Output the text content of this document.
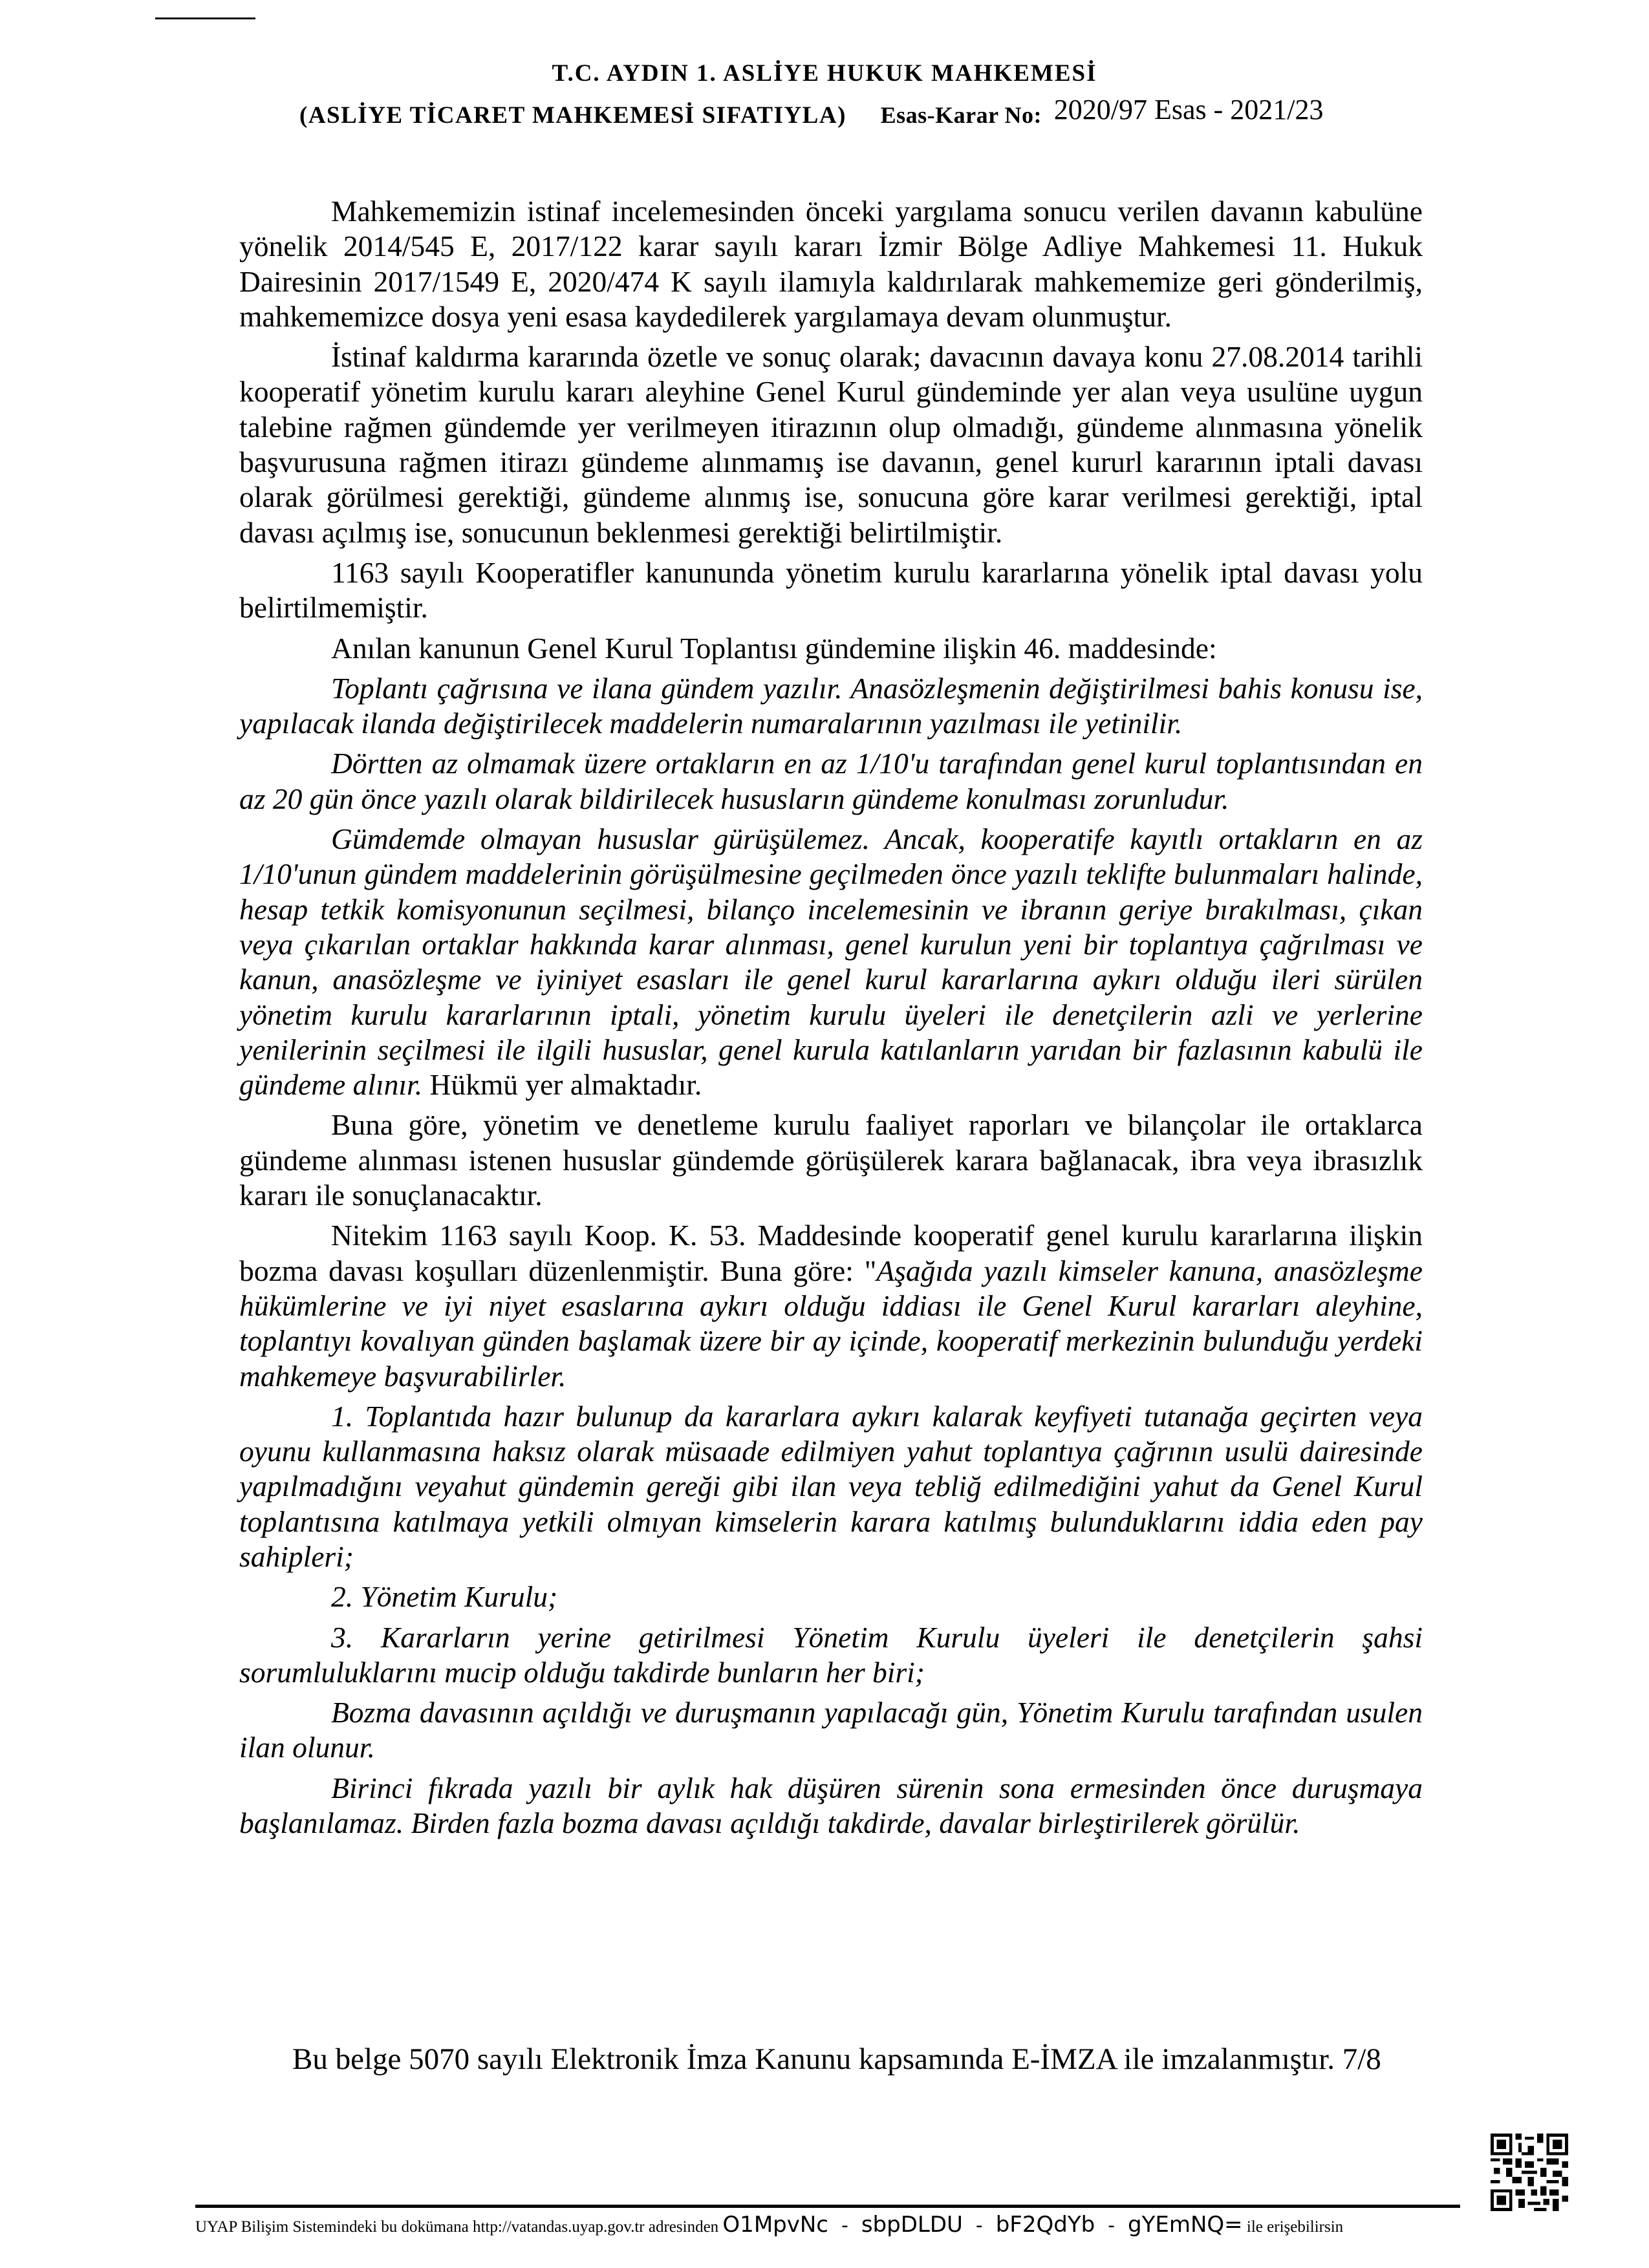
T.C. AYDIN 1. ASLİYE HUKUK MAHKEMESİ
(ASLİYE TİCARET MAHKEMESİ SIFATIYLA) Esas-Karar No: 2020/97 Esas - 2021/23

Mahkememizin istinaf incelemesinden önceki yargılama sonucu verilen davanın kabulüne yönelik 2014/545 E, 2017/122 karar sayılı kararı İzmir Bölge Adliye Mahkemesi 11. Hukuk Dairesinin 2017/1549 E, 2020/474 K sayılı ilamıyla kaldırılarak mahkememize geri gönderilmiş, mahkememizce dosya yeni esasa kaydedilerek yargılamaya devam olunmuştur.

İstinaf kaldırma kararında özetle ve sonuç olarak; davacının davaya konu 27.08.2014 tarihli kooperatif yönetim kurulu kararı aleyhine Genel Kurul gündeminde yer alan veya usulüne uygun talebine rağmen gündemde yer verilmeyen itirazının olup olmadığı, gündeme alınmasına yönelik başvurusuna rağmen itirazı gündeme alınmamış ise davanın, genel kururl kararının iptali davası olarak görülmesi gerektiği, gündeme alınmış ise, sonucuna göre karar verilmesi gerektiği, iptal davası açılmış ise, sonucunun beklenmesi gerektiği belirtilmiştir.

1163 sayılı Kooperatifler kanununda yönetim kurulu kararlarına yönelik iptal davası yolu belirtilmemiştir.

Anılan kanunun Genel Kurul Toplantısı gündemine ilişkin 46. maddesinde:

Toplantı çağrısına ve ilana gündem yazılır. Anasözleşmenin değiştirilmesi bahis konusu ise, yapılacak ilanda değiştirilecek maddelerin numaralarının yazılması ile yetinilir.

Dörtten az olmamak üzere ortakların en az 1/10'u tarafından genel kurul toplantısından en az 20 gün önce yazılı olarak bildirilecek hususların gündeme konulması zorunludur.

Gümdemde olmayan hususlar gürüşülemez. Ancak, kooperatife kayıtlı ortakların en az 1/10'unun gündem maddelerinin görüşülmesine geçilmeden önce yazılı teklifte bulunmaları halinde, hesap tetkik komisyonunun seçilmesi, bilanço incelemesinin ve ibranın geriye bırakılması, çıkan veya çıkarılan ortaklar hakkında karar alınması, genel kurulun yeni bir toplantıya çağrılması ve kanun, anasözleşme ve iyiniyet esasları ile genel kurul kararlarına aykırı olduğu ileri sürülen yönetim kurulu kararlarının iptali, yönetim kurulu üyeleri ile denetçilerin azli ve yerlerine yenilerinin seçilmesi ile ilgili hususlar, genel kurula katılanların yarıdan bir fazlasının kabulü ile gündeme alınır. Hükmü yer almaktadır.

Buna göre, yönetim ve denetleme kurulu faaliyet raporları ve bilançolar ile ortaklarca gündeme alınması istenen hususlar gündemde görüşülerek karara bağlanacak, ibra veya ibrasızlık kararı ile sonuçlanacaktır.

Nitekim 1163 sayılı Koop. K. 53. Maddesinde kooperatif genel kurulu kararlarına ilişkin bozma davası koşulları düzenlenmiştir. Buna göre: "Aşağıda yazılı kimseler kanuna, anasözleşme hükümlerine ve iyi niyet esaslarına aykırı olduğu iddiası ile Genel Kurul kararları aleyhine, toplantıyı kovalıyan günden başlamak üzere bir ay içinde, kooperatif merkezinin bulunduğu yerdeki mahkemeye başvurabilirler.

1. Toplantıda hazır bulunup da kararlara aykırı kalarak keyfiyeti tutanağa geçirten veya oyunu kullanmasına haksız olarak müsaade edilmiyen yahut toplantıya çağrının usulü dairesinde yapılmadığını veyahut gündemin gereği gibi ilan veya tebliğ edilmediğini yahut da Genel Kurul toplantısına katılmaya yetkili olmıyan kimselerin karara katılmış bulunduklarını iddia eden pay sahipleri;

2. Yönetim Kurulu;

3. Kararların yerine getirilmesi Yönetim Kurulu üyeleri ile denetçilerin şahsi sorumluluklarını mucip olduğu takdirde bunların her biri;

Bozma davasının açıldığı ve duruşmanın yapılacağı gün, Yönetim Kurulu tarafından usulen ilan olunur.

Birinci fıkrada yazılı bir aylık hak düşüren sürenin sona ermesinden önce duruşmaya başlanılamaz. Birden fazla bozma davası açıldığı takdirde, davalar birleştirilerek görülür.

Bu belge 5070 sayılı Elektronik İmza Kanunu kapsamında E-İMZA ile imzalanmıştır. 7/8
UYAP Bilişim Sistemindeki bu dokümana http://vatandas.uyap.gov.tr adresinden O1MpvNc - sbpDLDU - bF2QdYb - gYEmNQ= ile erişebilirsin
